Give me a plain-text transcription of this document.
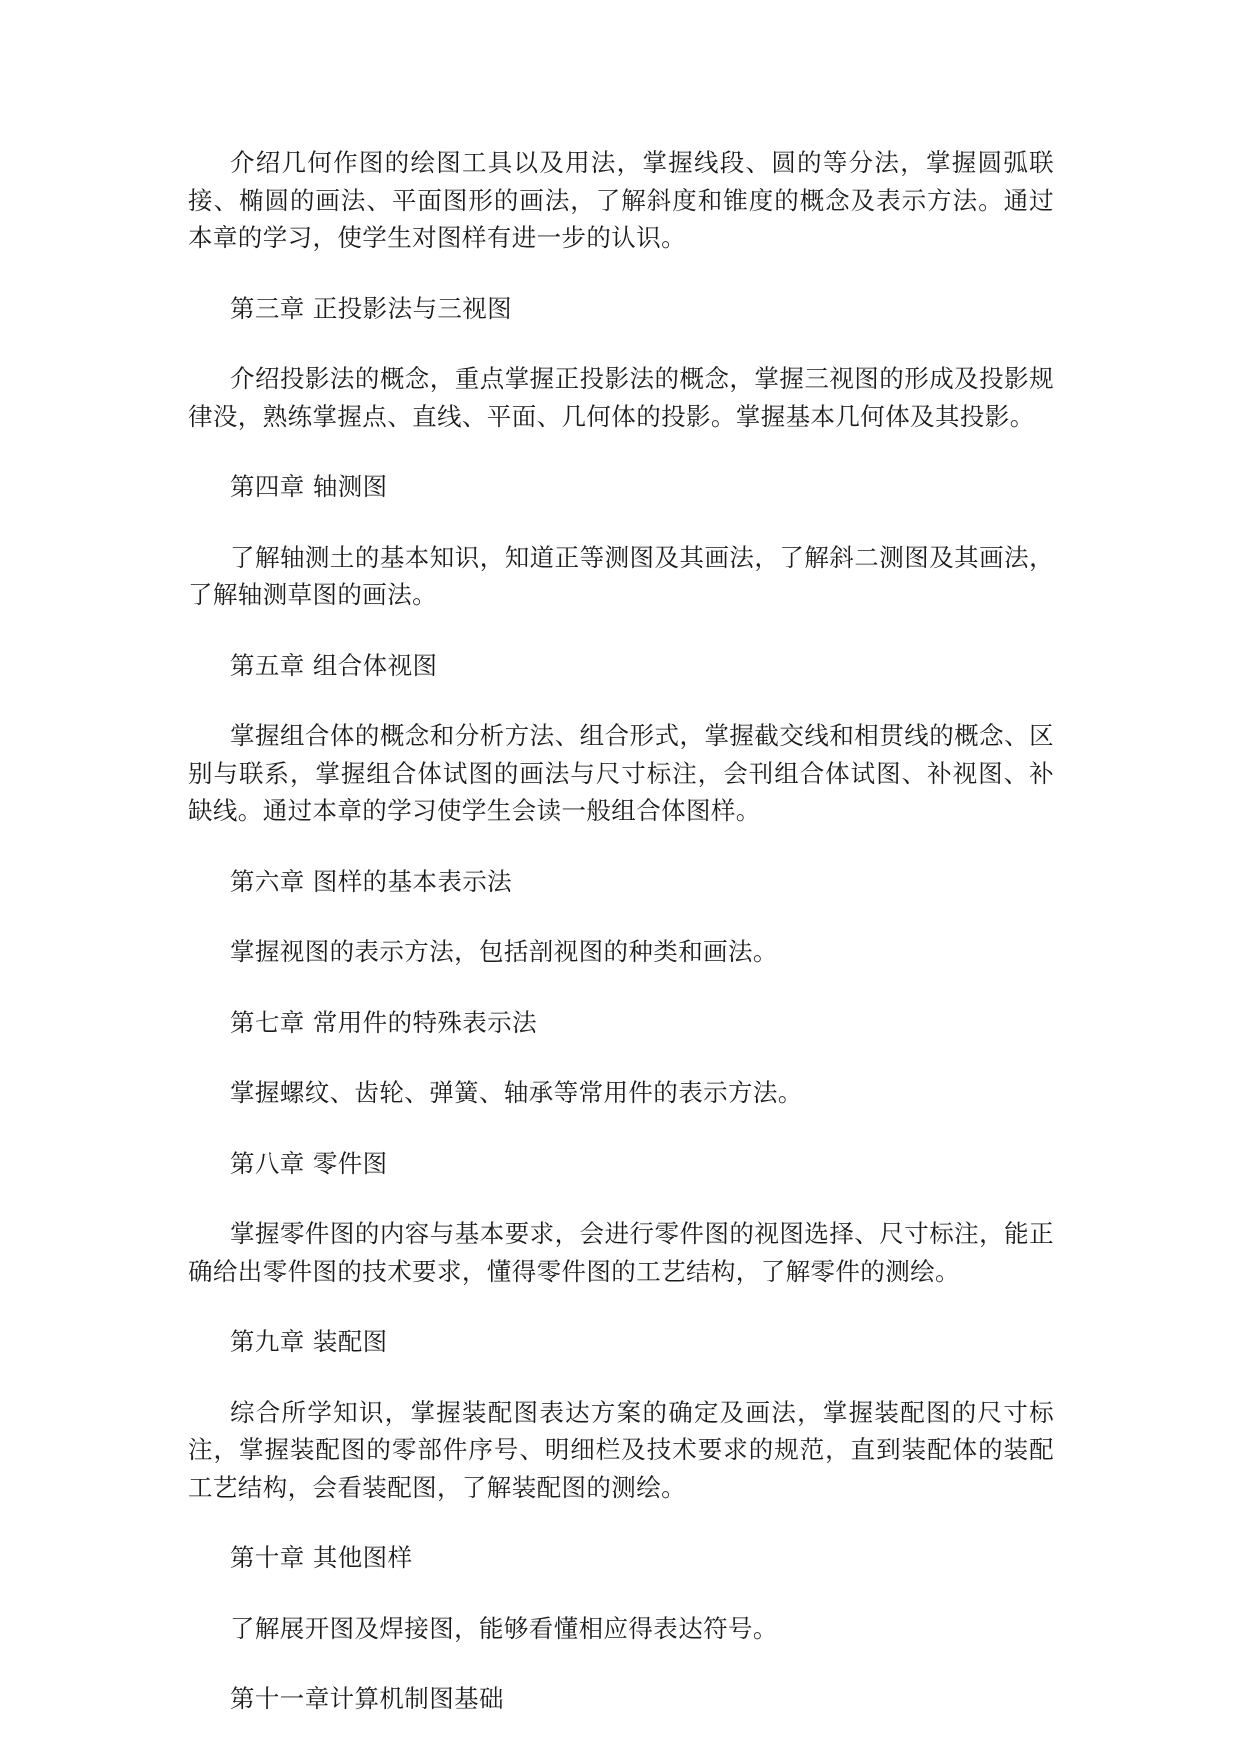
介绍几何作图的绘图工具以及用法，掌握线段、圆的等分法，掌握圆弧联接、椭圆的画法、平面图形的画法，了解斜度和锥度的概念及表示方法。通过本章的学习，使学生对图样有进一步的认识。

第三章 正投影法与三视图

介绍投影法的概念，重点掌握正投影法的概念，掌握三视图的形成及投影规律没，熟练掌握点、直线、平面、几何体的投影。掌握基本几何体及其投影。

第四章 轴测图

了解轴测土的基本知识，知道正等测图及其画法，了解斜二测图及其画法，了解轴测草图的画法。

第五章 组合体视图

掌握组合体的概念和分析方法、组合形式，掌握截交线和相贯线的概念、区别与联系，掌握组合体试图的画法与尺寸标注，会刊组合体试图、补视图、补缺线。通过本章的学习使学生会读一般组合体图样。

第六章 图样的基本表示法

掌握视图的表示方法，包括剖视图的种类和画法。

第七章 常用件的特殊表示法

掌握螺纹、齿轮、弹簧、轴承等常用件的表示方法。

第八章 零件图

掌握零件图的内容与基本要求，会进行零件图的视图选择、尺寸标注，能正确给出零件图的技术要求，懂得零件图的工艺结构，了解零件的测绘。

第九章 装配图

综合所学知识，掌握装配图表达方案的确定及画法，掌握装配图的尺寸标注，掌握装配图的零部件序号、明细栏及技术要求的规范，直到装配体的装配工艺结构，会看装配图，了解装配图的测绘。

第十章 其他图样

了解展开图及焊接图，能够看懂相应得表达符号。

第十一章计算机制图基础
